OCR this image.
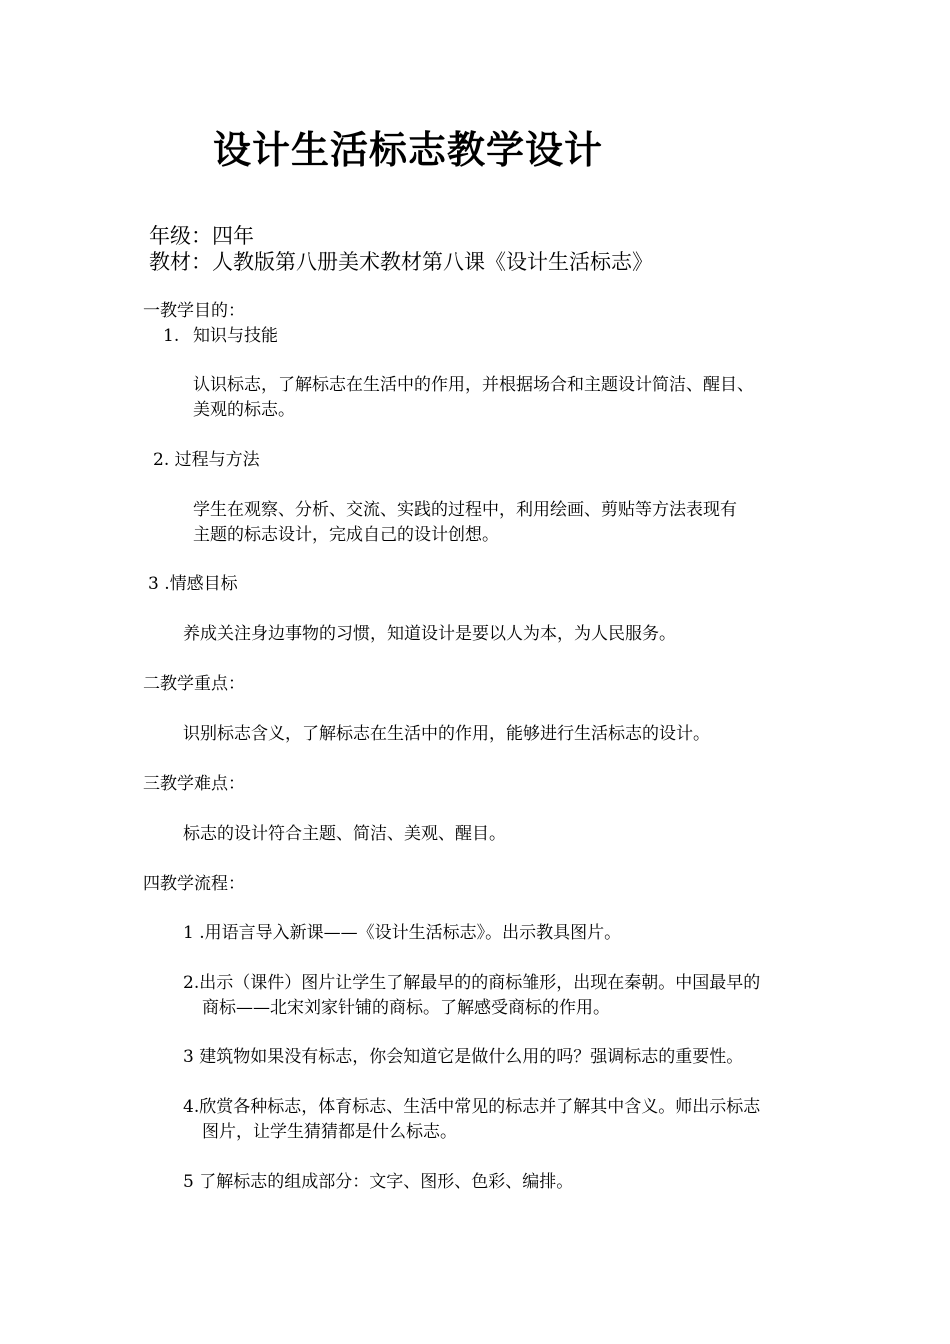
设计生活标志教学设计

年级：四年

教材：人教版第八册美术教材第八课《设计生活标志》

一教学目的：

1. 知识与技能

认识标志，了解标志在生活中的作用，并根据场合和主题设计简洁、醒目、

美观的标志。

2. 过程与方法

学生在观察、分析、交流、实践的过程中，利用绘画、剪贴等方法表现有

主题的标志设计，完成自己的设计创想。

3 .情感目标

养成关注身边事物的习惯，知道设计是要以人为本，为人民服务。

二教学重点：

识别标志含义，了解标志在生活中的作用，能够进行生活标志的设计。

三教学难点：

标志的设计符合主题、简洁、美观、醒目。

四教学流程：

1 .用语言导入新课——《设计生活标志》。出示教具图片。

2.出示（课件）图片让学生了解最早的的商标雏形，出现在秦朝。中国最早的

商标——北宋刘家针铺的商标。了解感受商标的作用。

3 建筑物如果没有标志，你会知道它是做什么用的吗？强调标志的重要性。

4.欣赏各种标志，体育标志、生活中常见的标志并了解其中含义。师出示标志

图片，让学生猜猜都是什么标志。

5 了解标志的组成部分：文字、图形、色彩、编排。
